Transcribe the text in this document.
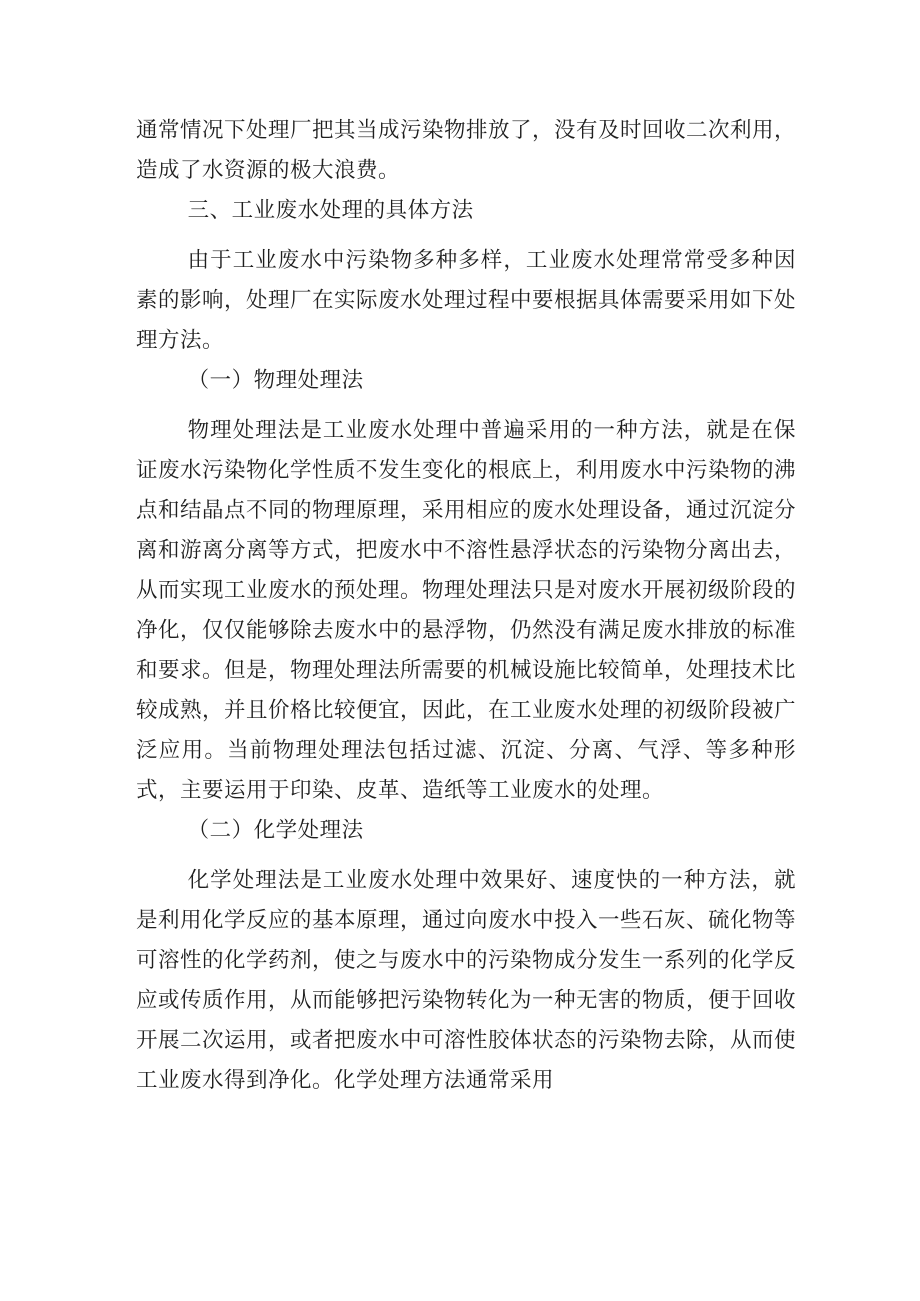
通常情况下处理厂把其当成污染物排放了，没有及时回收二次利用，造成了水资源的极大浪费。

三、工业废水处理的具体方法

由于工业废水中污染物多种多样，工业废水处理常常受多种因素的影响，处理厂在实际废水处理过程中要根据具体需要采用如下处理方法。

（一）物理处理法

物理处理法是工业废水处理中普遍采用的一种方法，就是在保证废水污染物化学性质不发生变化的根底上，利用废水中污染物的沸点和结晶点不同的物理原理，采用相应的废水处理设备，通过沉淀分离和游离分离等方式，把废水中不溶性悬浮状态的污染物分离出去，从而实现工业废水的预处理。物理处理法只是对废水开展初级阶段的净化，仅仅能够除去废水中的悬浮物，仍然没有满足废水排放的标准和要求。但是，物理处理法所需要的机械设施比较简单，处理技术比较成熟，并且价格比较便宜，因此，在工业废水处理的初级阶段被广泛应用。当前物理处理法包括过滤、沉淀、分离、气浮、等多种形式，主要运用于印染、皮革、造纸等工业废水的处理。

（二）化学处理法

化学处理法是工业废水处理中效果好、速度快的一种方法，就是利用化学反应的基本原理，通过向废水中投入一些石灰、硫化物等可溶性的化学药剂，使之与废水中的污染物成分发生一系列的化学反应或传质作用，从而能够把污染物转化为一种无害的物质，便于回收开展二次运用，或者把废水中可溶性胶体状态的污染物去除，从而使工业废水得到净化。化学处理方法通常采用
